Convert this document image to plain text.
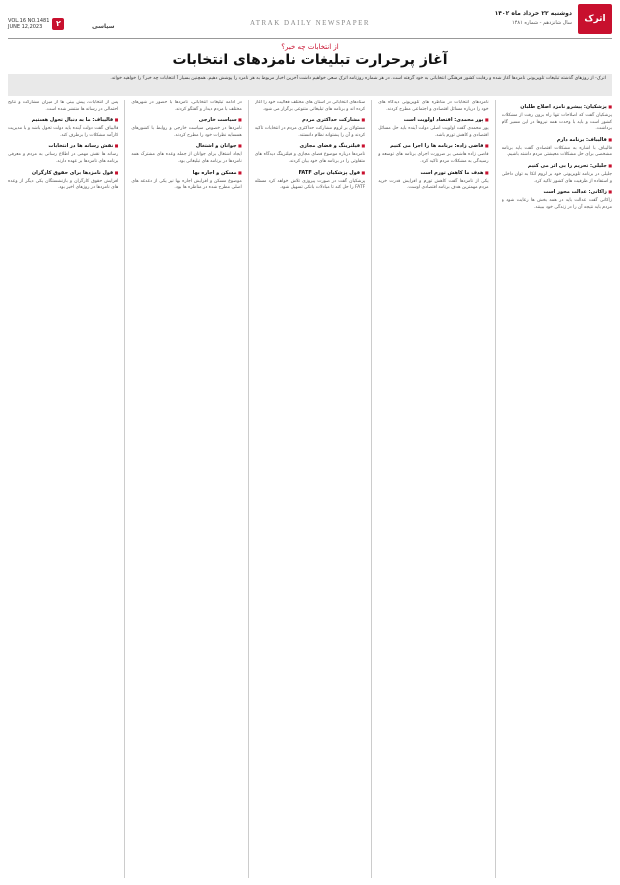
VOL.16 NO.1481
JUNE 12,2023	۲	سیاسی	ATRAK DAILY NEWSPAPER
دوشنبه ۲۲ خرداد ماه ۱۴۰۲
سال شانزدهم - شماره ۱۴۸۱	اترک
از انتخابات چه خبر؟
آغاز پرحرارت تبلیغات نامزدهای انتخابات
اترک- از روزهای گذشته تبلیغات تلویزیونی نامزدها آغاز شده و رقابت کشور فرهنگی انتخاباتی به خود گرفته است. در هر شماره روزنامه اترک سعی خواهیم داشت آخرین اخبار مربوط به هر نامزد را پوشش دهیم. همچنین بسیار آ انتخابات چه خبر؟ را خواهید خواند.
■ پزشکیان: پیشرو نامزد اصلاح طلبان

پزشکیان گفت که اصلاحات تنها راه برون رفت از مشکلات کشور است و باید با وحدت همه نیروها در این مسیر گام برداشت.

■ قالیباف: برنامه دارم

قالیباف با اشاره به مشکلات اقتصادی گفت باید برنامه مشخصی برای حل مشکلات معیشتی مردم داشته باشیم.

■ جلیلی: تحریم را بی اثر می کنیم

جلیلی در برنامه تلویزیونی خود بر لزوم اتکا به توان داخلی و استفاده از ظرفیت های کشور تاکید کرد.

■ زاکانی: عدالت محور است

زاکانی گفت عدالت باید در همه بخش ها رعایت شود و مردم باید نتیجه آن را در زندگی خود ببینند.

نامزدهای انتخابات در مناظره های تلویزیونی دیدگاه های خود را درباره مسائل اقتصادی و اجتماعی مطرح کردند.

■ پور محمدی: اقتصاد اولویت است

پور محمدی گفت اولویت اصلی دولت آینده باید حل مسائل اقتصادی و کاهش تورم باشد.

■ قاضی زاده: برنامه ها را اجرا می کنیم

قاضی زاده هاشمی بر ضرورت اجرای برنامه های توسعه و رسیدگی به مشکلات مردم تاکید کرد.

■ هدف ما کاهش تورم است

یکی از نامزدها گفت کاهش تورم و افزایش قدرت خرید مردم مهمترین هدف برنامه اقتصادی اوست.

ستادهای انتخاباتی در استان های مختلف فعالیت خود را آغاز کرده اند و برنامه های تبلیغاتی متنوعی برگزار می شود.

■ مشارکت حداکثری مردم

مسئولان بر لزوم مشارکت حداکثری مردم در انتخابات تاکید کردند و آن را پشتوانه نظام دانستند.

■ فیلترینگ و فضای مجازی

نامزدها درباره موضوع فضای مجازی و فیلترینگ دیدگاه های متفاوتی را در برنامه های خود بیان کردند.

■ قول پزشکیان برای FATF

پزشکیان گفت در صورت پیروزی تلاش خواهد کرد مسئله FATF را حل کند تا مبادلات بانکی تسهیل شود.

در ادامه تبلیغات انتخاباتی، نامزدها با حضور در شهرهای مختلف با مردم دیدار و گفتگو کردند.

■ سیاست خارجی

نامزدها در خصوص سیاست خارجی و روابط با کشورهای همسایه نظرات خود را مطرح کردند.

■ جوانان و اشتغال

ایجاد اشتغال برای جوانان از جمله وعده های مشترک همه نامزدها در برنامه های تبلیغاتی بود.

■ مسکن و اجاره بها

موضوع مسکن و افزایش اجاره بها نیز یکی از دغدغه های اصلی مطرح شده در مناظره ها بود.

پس از انتخابات، پیش بینی ها از میزان مشارکت و نتایج احتمالی در رسانه ها منتشر شده است.

■ قالیباف: ما به دنبال تحول هستیم

قالیباف گفت دولت آینده باید دولت تحول باشد و با مدیریت کارآمد مشکلات را برطرف کند.

■ نقش رسانه ها در انتخابات

رسانه ها نقش مهمی در اطلاع رسانی به مردم و معرفی برنامه های نامزدها بر عهده دارند.

■ قول نامزدها برای حقوق کارگران

افزایش حقوق کارگران و بازنشستگان یکی دیگر از وعده های نامزدها در روزهای اخیر بود.
